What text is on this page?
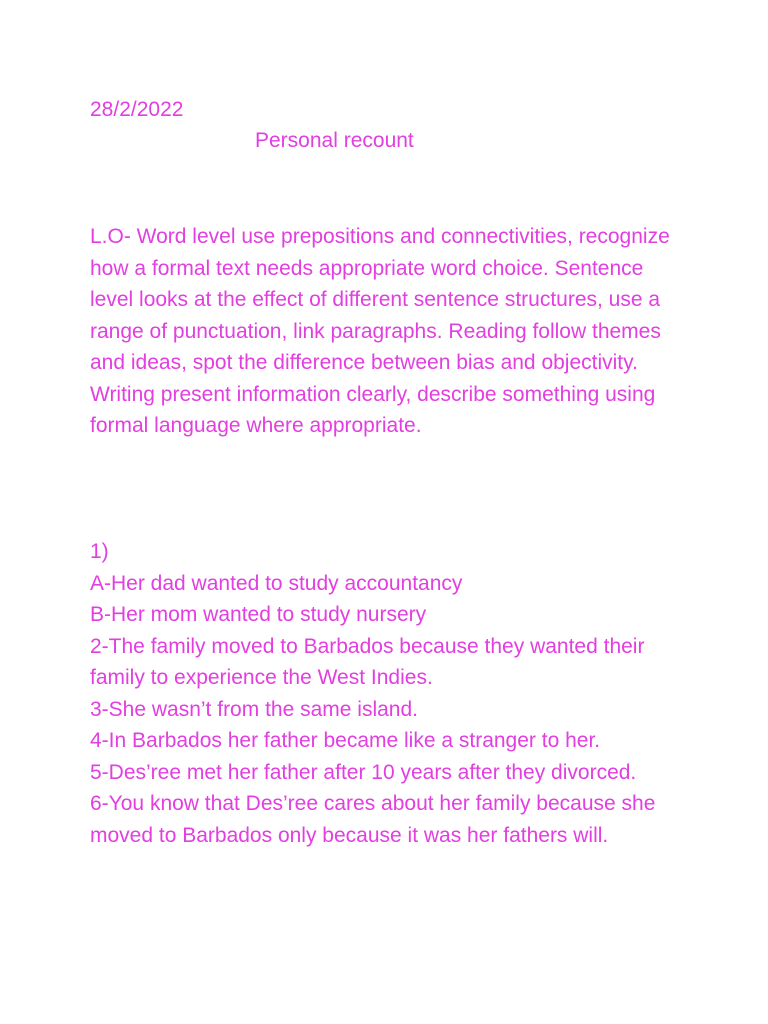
28/2/2022

Personal recount

L.O- Word level use prepositions and connectivities, recognize how a formal text needs appropriate word choice. Sentence level looks at the effect of different sentence structures, use a range of punctuation, link paragraphs. Reading follow themes and ideas, spot the difference between bias and objectivity. Writing present information clearly, describe something using formal language where appropriate.

1)

A-Her dad wanted to study accountancy

B-Her mom wanted to study nursery

2-The family moved to Barbados because they wanted their family to experience the West Indies.

3-She wasn’t from the same island.

4-In Barbados her father became like a stranger to her.

5-Des’ree met her father after 10 years after they divorced.

6-You know that Des’ree cares about her family because she moved to Barbados only because it was her fathers will.
